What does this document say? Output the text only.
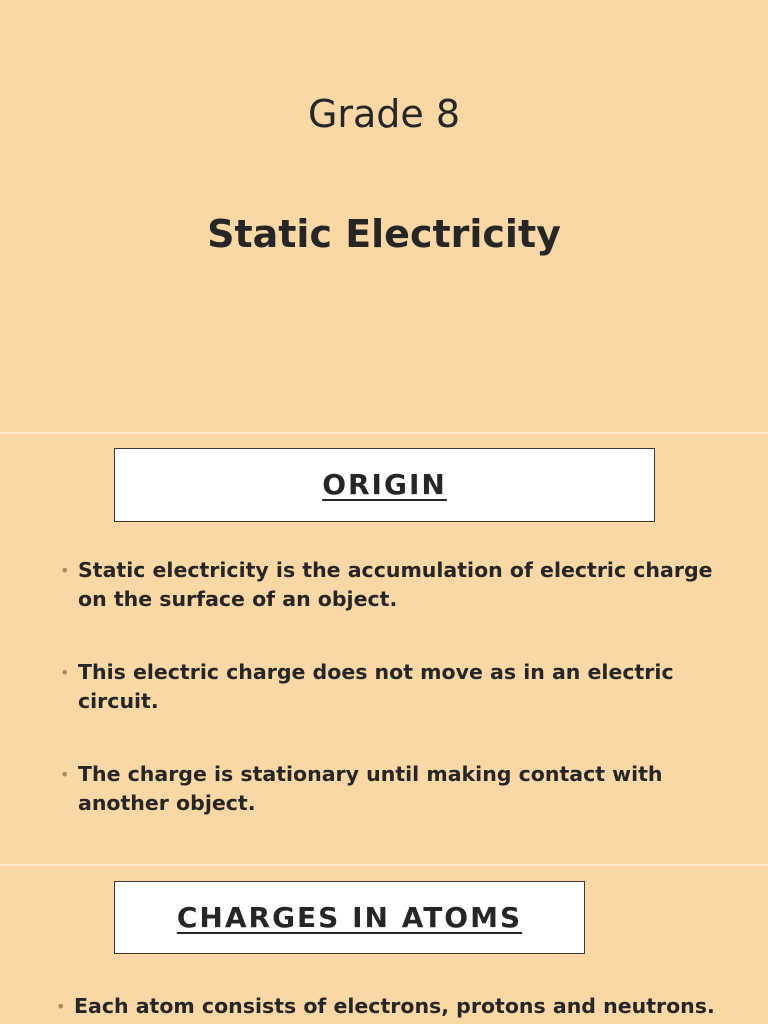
Grade 8
Static Electricity
ORIGIN
• Static electricity is the accumulation of electric charge on the surface of an object.
• This electric charge does not move as in an electric circuit.
• The charge is stationary until making contact with another object.
CHARGES IN ATOMS
• Each atom consists of electrons, protons and neutrons.
